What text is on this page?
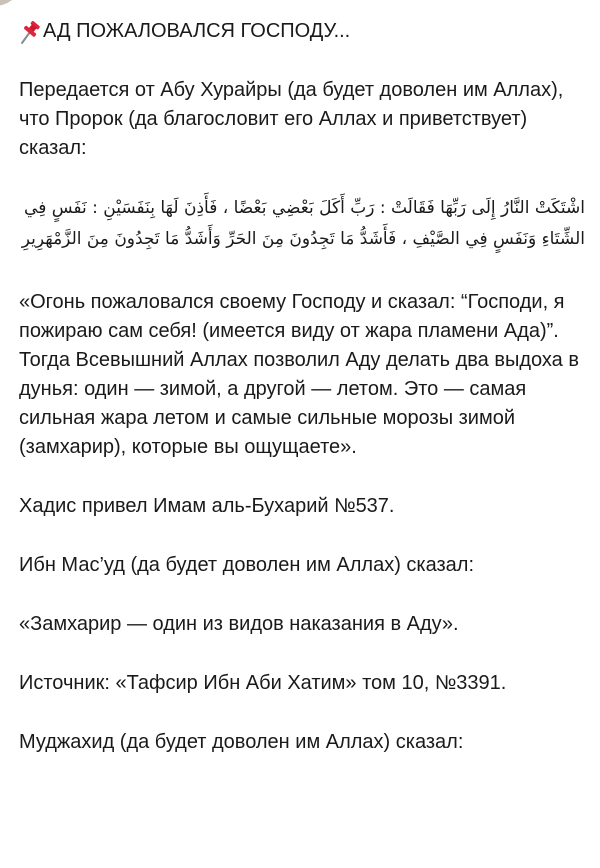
АД ПОЖАЛОВАЛСЯ ГОСПОДУ...

Передается от Абу Хурайры (да будет доволен им Аллах), что Пророк (да благословит его Аллах и приветствует) сказал:

اشْتَكَتْ النَّارُ إِلَى رَبِّهَا فَقَالَتْ : رَبِّ أَكَلَ بَعْضِي بَعْضًا ، فَأَذِنَ لَهَا بِنَفَسَيْنِ : نَفَسٍ فِي الشِّتَاءِ وَنَفَسٍ فِي الصَّيْفِ ، فَأَشَدُّ مَا تَجِدُونَ مِنَ الحَرِّ وَأَشَدُّ مَا تَجِدُونَ مِنَ الزَّمْهَرِيرِ

«Огонь пожаловался своему Господу и сказал: “Господи, я пожираю сам себя! (имеется виду от жара пламени Ада)”. Тогда Всевышний Аллах позволил Аду делать два выдоха в дунья: один — зимой, а другой — летом. Это — самая сильная жара летом и самые сильные морозы зимой (замхарир), которые вы ощущаете».

Хадис привел Имам аль-Бухарий №537.

Ибн Мас’уд (да будет доволен им Аллах) сказал:

«Замхарир — один из видов наказания в Аду».

Источник: «Тафсир Ибн Аби Хатим» том 10, №3391.

Муджахид (да будет доволен им Аллах) сказал:
